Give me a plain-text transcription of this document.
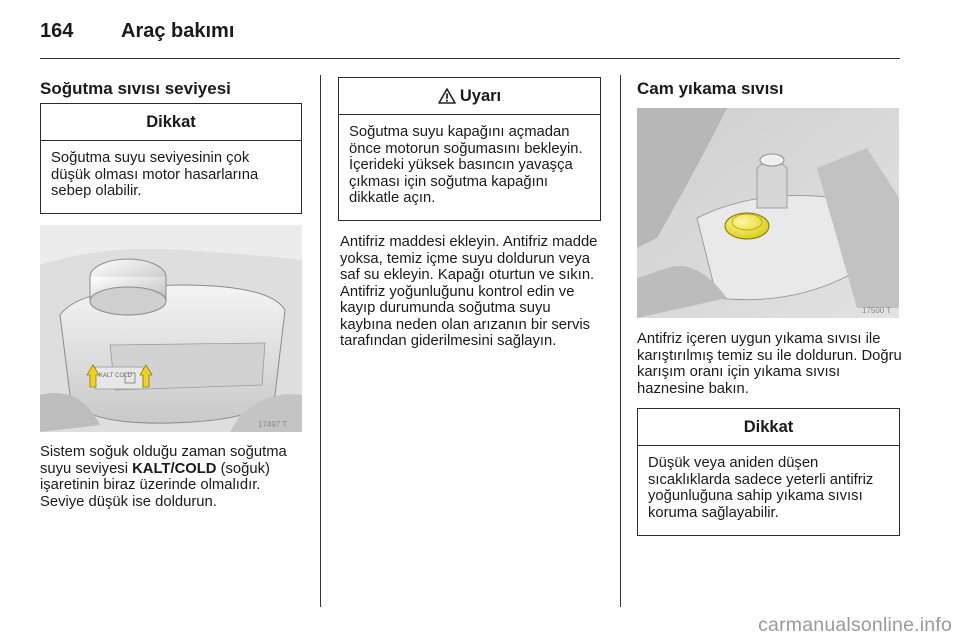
164 Araç bakımı
Soğutma sıvısı seviyesi
Dikkat
Soğutma suyu seviyesinin çok düşük olması motor hasarlarına sebep olabilir.
KALT COLD
17497 T

Sistem soğuk olduğu zaman soğutma suyu seviyesi KALT/COLD (soğuk) işaretinin biraz üzerinde olmalıdır. Seviye düşük ise doldurun.

Uyarı
Soğutma suyu kapağını açmadan önce motorun soğumasını bekleyin. İçerideki yüksek basıncın yavaşça çıkması için soğutma kapağını dikkatle açın.

Antifriz maddesi ekleyin. Antifriz madde yoksa, temiz içme suyu doldurun veya saf su ekleyin. Kapağı oturtun ve sıkın. Antifriz yoğunluğunu kontrol edin ve kayıp durumunda soğutma suyu kaybına neden olan arızanın bir servis tarafından giderilmesini sağlayın.

Cam yıkama sıvısı
17500 T

Antifriz içeren uygun yıkama sıvısı ile karıştırılmış temiz su ile doldurun. Doğru karışım oranı için yıkama sıvısı haznesine bakın.

Dikkat
Düşük veya aniden düşen sıcaklıklarda sadece yeterli antifriz yoğunluğuna sahip yıkama sıvısı koruma sağlayabilir.
carmanualsonline.info
